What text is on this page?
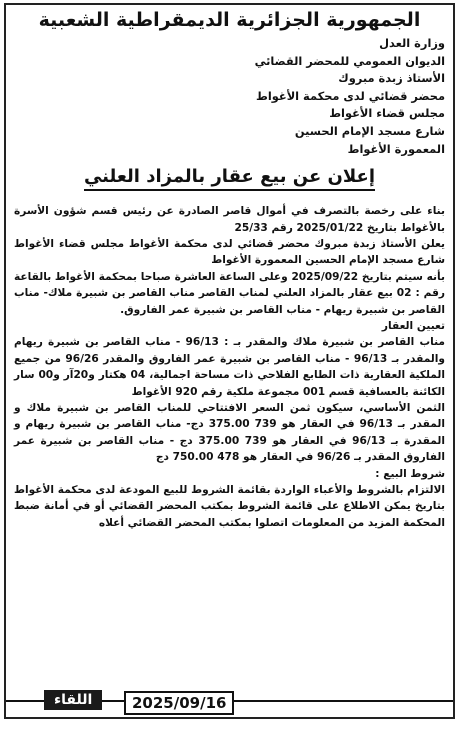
الجمهورية الجزائرية الديمقراطية الشعبية
وزارة العدل
الديوان العمومي للمحضر القضائي
الأستاذ زبدة مبروك
محضر قضائي لدى محكمة الأغواط
مجلس قضاء الأغواط
شارع مسجد الإمام الحسين
المعمورة الأغواط
إعلان عن بيع عقار بالمزاد العلني

بناء على رخصة بالتصرف في أموال قاصر الصادرة عن رئيس قسم شؤون الأسرة بالأغواط بتاريخ 2025/01/22 رقم 25/33

يعلن الأستاذ زبدة مبروك محضر قضائي لدى محكمة الأغواط مجلس قضاء الأغواط شارع مسجد الإمام الحسين المعمورة الأغواط

بأنه سيتم بتاريخ 2025/09/22 وعلى الساعة العاشرة صباحا بمحكمة الأغواط بالقاعة رقم : 02 بيع عقار بالمزاد العلني لمناب القاصر مناب القاصر بن شبيرة ملاك- مناب القاصر بن شبيرة ريهام - مناب القاصر بن شبيرة عمر الفاروق.

تعيين العقار

مناب القاصر بن شبيرة ملاك والمقدر بـ : 96/13 - مناب القاصر بن شبيرة ريهام والمقدر بـ 96/13 - مناب القاصر بن شبيرة عمر الفاروق والمقدر 96/26 من جميع الملكية العقارية ذات الطابع الفلاحي ذات مساحة اجمالية، 04 هكتار و20آر و00 سار الكائنة بالعسافية قسم 001 مجموعة ملكية رقم 920 الأغواط

الثمن الأساسي، سيكون ثمن السعر الافتتاحي للمناب القاصر بن شبيرة ملاك و المقدر بـ 96/13 في العقار هو 739 375.00 دج- مناب القاصر بن شبيرة ريهام و المقدرة بـ 96/13 في العقار هو 739 375.00 دج - مناب القاصر بن شبيرة عمر الفاروق المقدر بـ 96/26 في العقار هو 478 750.00 دج

شروط البيع :

الالتزام بالشروط والأعباء الواردة بقائمة الشروط للبيع المودعة لدى محكمة الأغواط بتاريخ يمكن الاطلاع على قائمة الشروط بمكتب المحضر القضائي أو في أمانة ضبط المحكمة المزيد من المعلومات اتصلوا بمكتب المحضر القضائي أعلاه

2025/09/16
اللقاء
